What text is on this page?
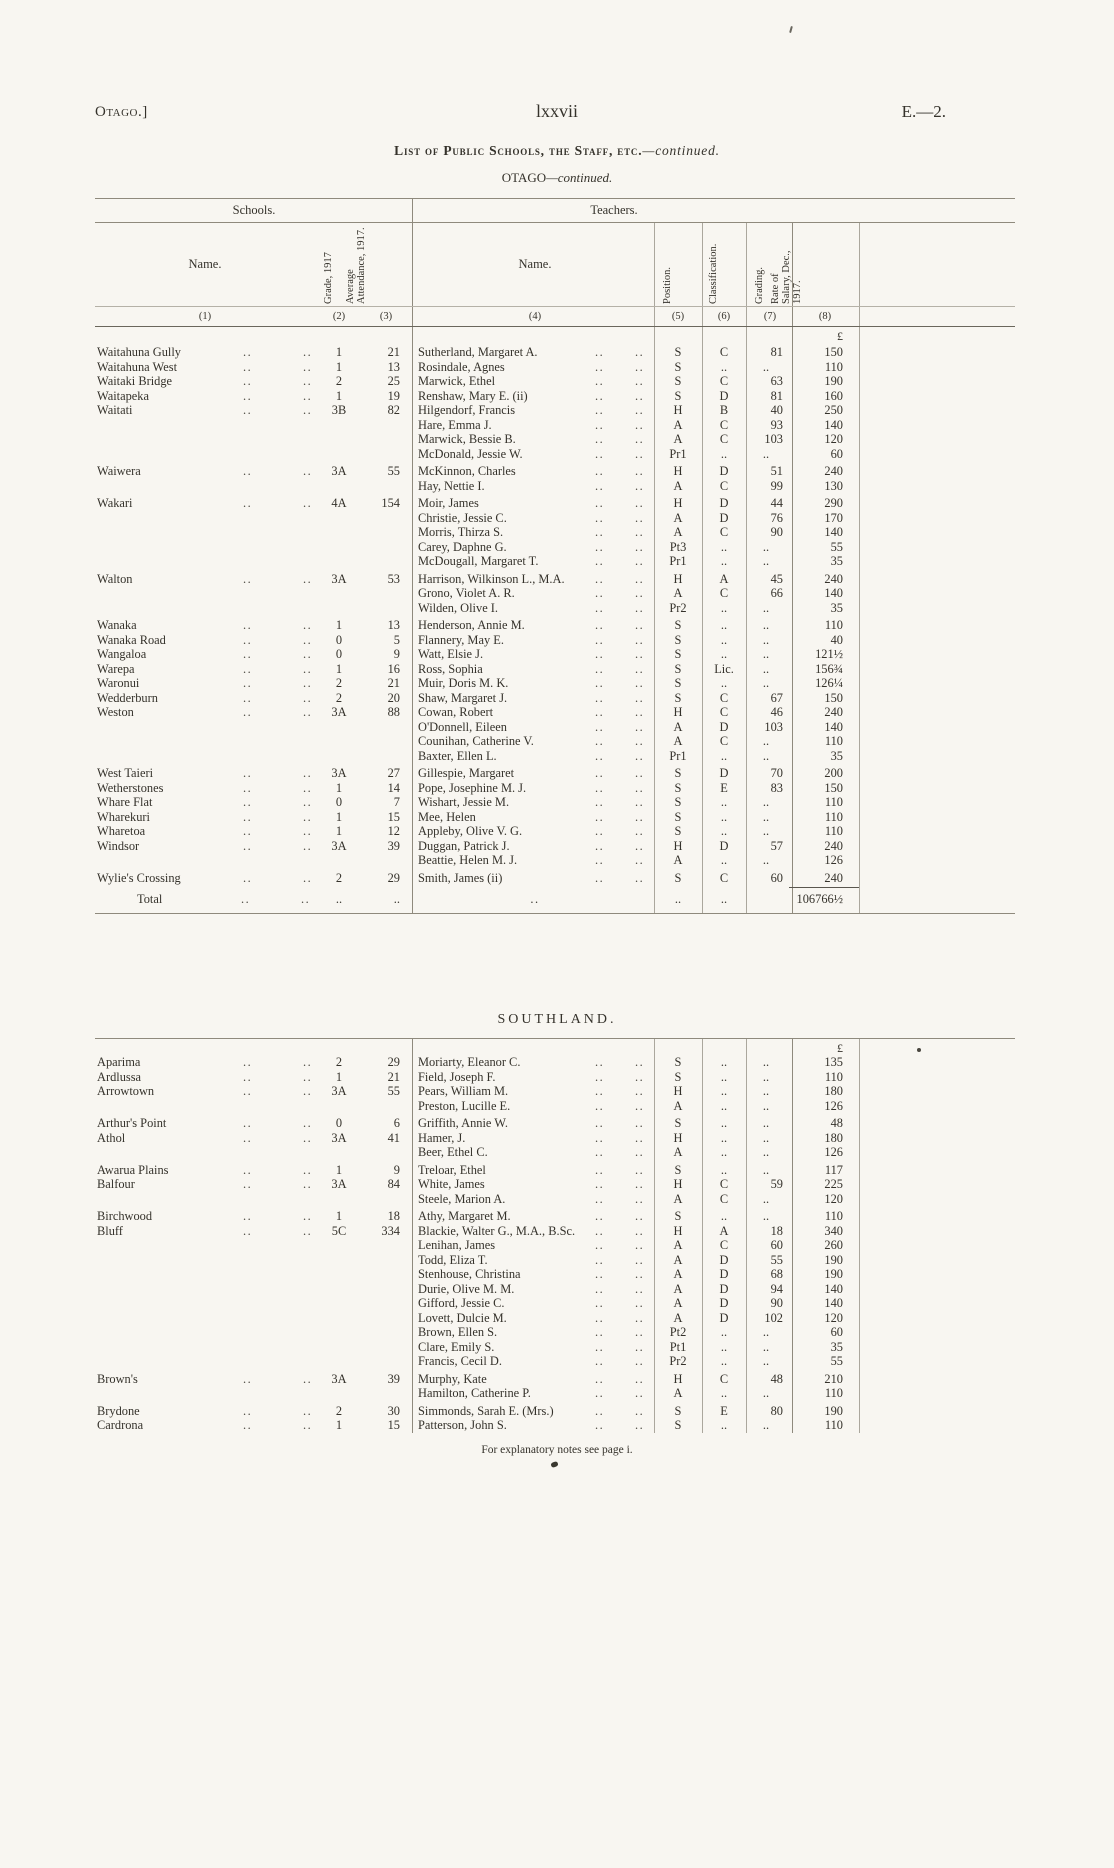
Otago.]	lxxvii	E.—2.
List of Public Schools, the Staff, etc.—continued.
OTAGO—continued.
Schools.	Teachers.
Name.	Grade, 1917 Average Attendance, 1917.	Name.
Position.	Classification.	Grading. Rate of Salary, Dec., 1917.
(1)	(2)	(3)	(4)	(5)	(6)	(7)	(8)
£
Waitahuna Gully	..	..	1	21	Sutherland, Margaret A.	.. ..	S	C	81	150
Waitahuna West	..	..	1	13	Rosindale, Agnes	.. ..	S	..	..	110
Waitaki Bridge	..	..	2	25	Marwick, Ethel	.. ..	S	C	63	190
Waitapeka	..	..	1	19	Renshaw, Mary E. (ii)	.. ..	S	D	81	160
Waitati	..	..	3B	82	Hilgendorf, Francis	.. ..	H	B	40	250
Hare, Emma J.	.. ..	A	C	93	140
Marwick, Bessie B.	.. ..	A	C	103	120
McDonald, Jessie W.	.. ..	Pr1	..	..	60
Waiwera	..	..	3A	55	McKinnon, Charles	.. ..	H	D	51	240
Hay, Nettie I.	.. ..	A	C	99	130
Wakari	..	..	4A	154	Moir, James	.. ..	H	D	44	290
Christie, Jessie C.	.. ..	A	D	76	170
Morris, Thirza S.	.. ..	A	C	90	140
Carey, Daphne G.	.. ..	Pt3	..	..	55
McDougall, Margaret T.	.. ..	Pr1	..	..	35
Walton	..	..	3A	53	Harrison, Wilkinson L., M.A. .. ..	H	A	45	240
Grono, Violet A. R.	.. ..	A	C	66	140
Wilden, Olive I.	.. ..	Pr2	..	..	35
Wanaka	..	..	1	13	Henderson, Annie M.	.. ..	S	..	..	110
Wanaka Road	..	..	0	5	Flannery, May E.	.. ..	S	..	..	40
Wangaloa	..	..	0	9	Watt, Elsie J.	.. ..	S	..	..	121½
Warepa	..	..	1	16	Ross, Sophia	.. ..	S	Lic.	..	156¾
Waronui	..	..	2	21	Muir, Doris M. K.	.. ..	S	..	..	126¼
Wedderburn	..	..	2	20	Shaw, Margaret J.	.. ..	S	C	67	150
Weston	..	..	3A	88	Cowan, Robert	.. ..	H	C	46	240
O'Donnell, Eileen	.. ..	A	D	103	140
Counihan, Catherine V.	.. ..	A	C	..	110
Baxter, Ellen L.	.. ..	Pr1	..	..	35
West Taieri	..	..	3A	27	Gillespie, Margaret	.. ..	S	D	70	200
Wetherstones	..	..	1	14	Pope, Josephine M. J.	.. ..	S	E	83	150
Whare Flat	..	..	0	7	Wishart, Jessie M.	.. ..	S	..	..	110
Wharekuri	..	..	1	15	Mee, Helen	.. ..	S	..	..	110
Wharetoa	..	..	1	12	Appleby, Olive V. G.	.. ..	S	..	..	110
Windsor	..	..	3A	39	Duggan, Patrick J.	.. ..	H	D	57	240
Beattie, Helen M. J.	.. ..	A	..	..	126
Wylie's Crossing	..	..	2	29	Smith, James (ii)	.. ..	S	C	60	240
Total	..	..	..	..	..	..	..	106766½
SOUTHLAND.
£
Aparima	..	..	2	29	Moriarty, Eleanor C.	.. ..	S	..	..	135
Ardlussa	..	..	1	21	Field, Joseph F.	.. ..	S	..	..	110
Arrowtown	..	..	3A	55	Pears, William M.	.. ..	H	..	..	180
Preston, Lucille E.	.. ..	A	..	..	126
Arthur's Point	..	..	0	6	Griffith, Annie W.	.. ..	S	..	..	48
Athol	..	..	3A	41	Hamer, J.	.. ..	H	..	..	180
Beer, Ethel C.	.. ..	A	..	..	126
Awarua Plains	..	..	1	9	Treloar, Ethel	.. ..	S	..	..	117
Balfour	..	..	3A	84	White, James	.. ..	H	C	59	225
Steele, Marion A.	.. ..	A	C	..	120
Birchwood	..	..	1	18	Athy, Margaret M.	.. ..	S	..	..	110
Bluff	..	..	5C	334	Blackie, Walter G., M.A., B.Sc. .. ..	H	A	18	340
Lenihan, James	.. ..	A	C	60	260
Todd, Eliza T.	.. ..	A	D	55	190
Stenhouse, Christina	.. ..	A	D	68	190
Durie, Olive M. M.	.. ..	A	D	94	140
Gifford, Jessie C.	.. ..	A	D	90	140
Lovett, Dulcie M.	.. ..	A	D	102	120
Brown, Ellen S.	.. ..	Pt2	..	..	60
Clare, Emily S.	.. ..	Pt1	..	..	35
Francis, Cecil D.	.. ..	Pr2	..	..	55
Brown's	..	..	3A	39	Murphy, Kate	.. ..	H	C	48	210
Hamilton, Catherine P.	.. ..	A	..	..	110
Brydone	..	..	2	30	Simmonds, Sarah E. (Mrs.)	.. ..	S	E	80	190
Cardrona	..	..	1	15	Patterson, John S.	.. ..	S	..	..	110
For explanatory notes see page i.
